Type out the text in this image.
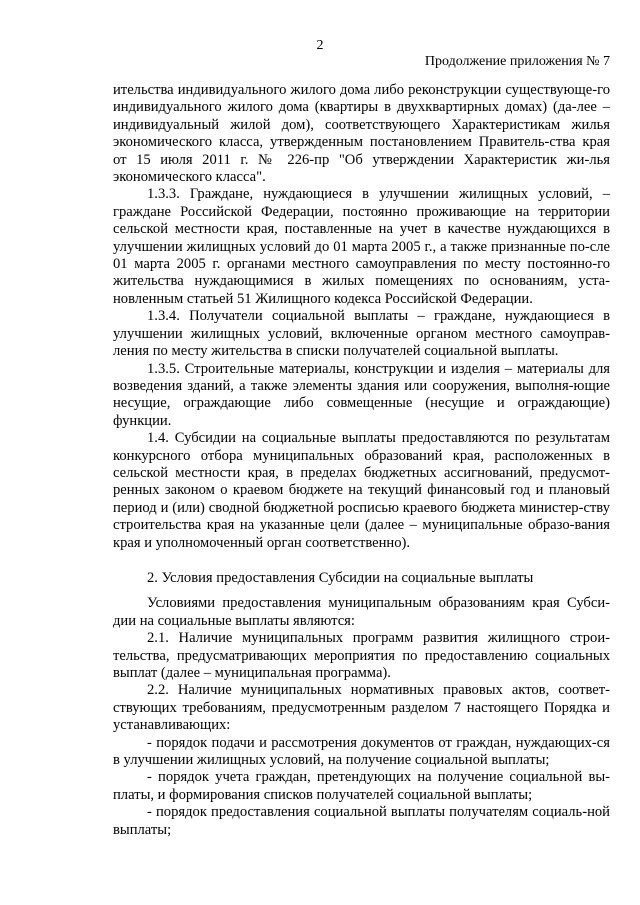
2
Продолжение приложения № 7

ительства индивидуального жилого дома либо реконструкции существующе-го индивидуального жилого дома (квартиры в двухквартирных домах) (да-лее – индивидуальный жилой дом), соответствующего Характеристикам жилья экономического класса, утвержденным постановлением Правитель-ства края от 15 июля 2011 г. № 226-пр "Об утверждении Характеристик жи-лья экономического класса".

1.3.3. Граждане, нуждающиеся в улучшении жилищных условий, – граждане Российской Федерации, постоянно проживающие на территории сельской местности края, поставленные на учет в качестве нуждающихся в улучшении жилищных условий до 01 марта 2005 г., а также признанные по-сле 01 марта 2005 г. органами местного самоуправления по месту постоянно-го жительства нуждающимися в жилых помещениях по основаниям, уста-новленным статьей 51 Жилищного кодекса Российской Федерации.

1.3.4. Получатели социальной выплаты – граждане, нуждающиеся в улучшении жилищных условий, включенные органом местного самоуправ-ления по месту жительства в списки получателей социальной выплаты.

1.3.5. Строительные материалы, конструкции и изделия – материалы для возведения зданий, а также элементы здания или сооружения, выполня-ющие несущие, ограждающие либо совмещенные (несущие и ограждающие) функции.

1.4. Субсидии на социальные выплаты предоставляются по результатам конкурсного отбора муниципальных образований края, расположенных в сельской местности края, в пределах бюджетных ассигнований, предусмот-ренных законом о краевом бюджете на текущий финансовый год и плановый период и (или) сводной бюджетной росписью краевого бюджета министер-ству строительства края на указанные цели (далее – муниципальные образо-вания края и уполномоченный орган соответственно).

2. Условия предоставления Субсидии на социальные выплаты

Условиями предоставления муниципальным образованиям края Субси-дии на социальные выплаты являются:

2.1. Наличие муниципальных программ развития жилищного строи-тельства, предусматривающих мероприятия по предоставлению социальных выплат (далее – муниципальная программа).

2.2. Наличие муниципальных нормативных правовых актов, соответ-ствующих требованиям, предусмотренным разделом 7 настоящего Порядка и устанавливающих:

- порядок подачи и рассмотрения документов от граждан, нуждающих-ся в улучшении жилищных условий, на получение социальной выплаты;

- порядок учета граждан, претендующих на получение социальной вы-платы, и формирования списков получателей социальной выплаты;

- порядок предоставления социальной выплаты получателям социаль-ной выплаты;
